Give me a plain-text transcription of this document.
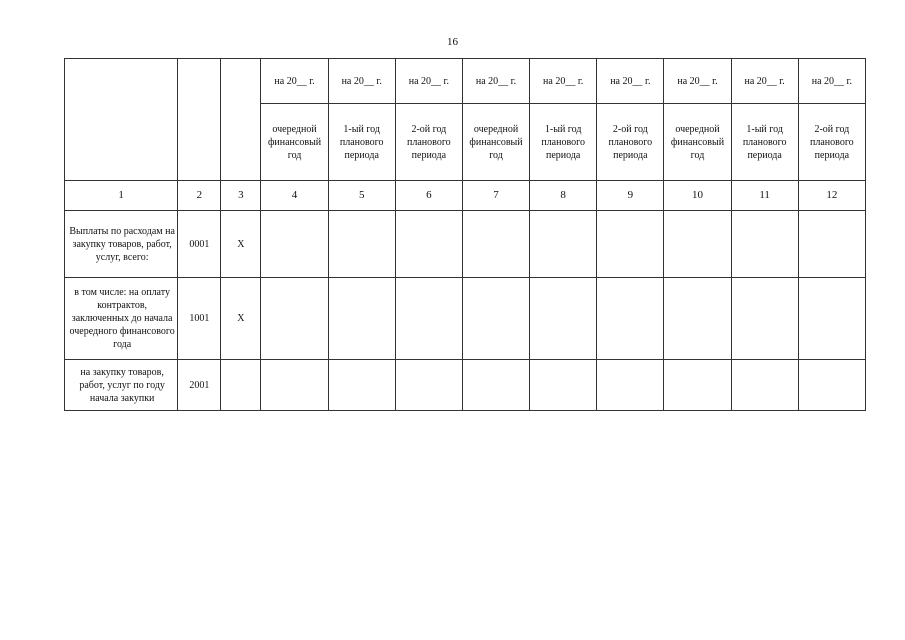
16
			на 20__ г.	на 20__ г.	на 20__ г.	на 20__ г.	на 20__ г.	на 20__ г.	на 20__ г.	на 20__ г.	на 20__ г.

			очередной финансовый год	1-ый год планового периода	2-ой год планового периода	очередной финансовый год	1-ый год планового периода	2-ой год планового периода	очередной финансовый год	1-ый год планового периода	2-ой год планового периода

1	2	3	4	5	6	7	8	9	10	11	12
Выплаты по расходам на закупку товаров, работ, услуг, всего:	0001	X									
в том числе: на оплату контрактов, заключенных до начала очередного финансового года	1001	X									
на закупку товаров, работ, услуг по году начала закупки	2001										
